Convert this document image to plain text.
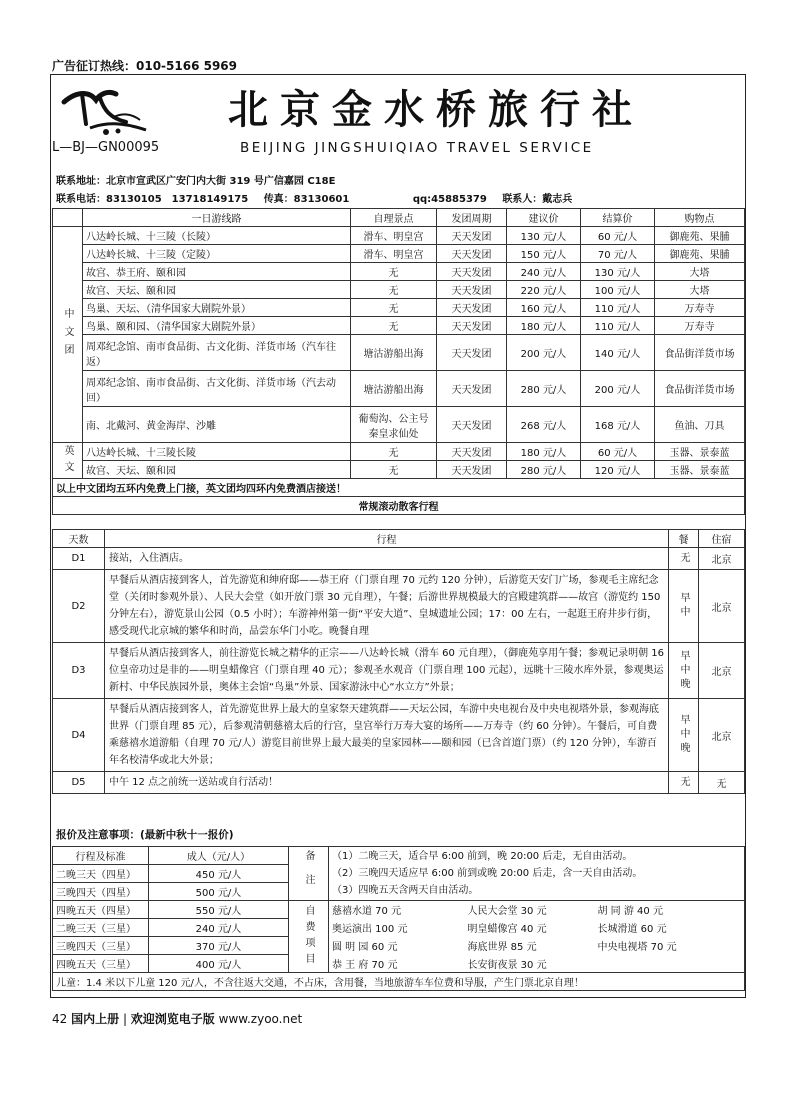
广告征订热线：010-5166 5969
北京金水桥旅行社
L—BJ—GN00095	BEIJING JINGSHUIQIAO TRAVEL SERVICE
联系地址：北京市宣武区广安门内大街 319 号广信嘉园 C18E
联系电话：83130105　13718149175 传真：83130601	qq:45885379 联系人：戴志兵
	一日游线路	自理景点	发团周期	建议价	结算价	购物点
中文团	八达岭长城、十三陵（长陵）	滑车、明皇宫	天天发团	130 元/人	60 元/人	御鹿苑、果脯
	八达岭长城、十三陵（定陵）	滑车、明皇宫	天天发团	150 元/人	70 元/人	御鹿苑、果脯
	故宫、恭王府、颐和园	无	天天发团	240 元/人	130 元/人	大塔
	故宫、天坛、颐和园	无	天天发团	220 元/人	100 元/人	大塔
	鸟巢、天坛、（清华国家大剧院外景）	无	天天发团	160 元/人	110 元/人	万寿寺
	鸟巢、颐和园、（清华国家大剧院外景）	无	天天发团	180 元/人	110 元/人	万寿寺
	周邓纪念馆、南市食品街、古文化街、洋货市场（汽车往返）	塘沽游船出海	天天发团	200 元/人	140 元/人	食品街洋货市场
	周邓纪念馆、南市食品街、古文化街、洋货市场（汽去动回）	塘沽游船出海	天天发团	280 元/人	200 元/人	食品街洋货市场
	南、北戴河、黄金海岸、沙雕	葡萄沟、公主号秦皇求仙处	天天发团	268 元/人	168 元/人	鱼油、刀具
英文	八达岭长城、十三陵长陵	无	天天发团	180 元/人	60 元/人	玉器、景泰蓝
	故宫、天坛、颐和园	无	天天发团	280 元/人	120 元/人	玉器、景泰蓝
以上中文团均五环内免费上门接，英文团均四环内免费酒店接送！						
常规滚动散客行程						
天数	行程	餐	住宿
D1	接站，入住酒店。	无	北京
D2	早餐后从酒店接到客人，首先游览和绅府邸——恭王府（门票自理 70 元约 120 分钟），后游览天安门广场，参观毛主席纪念堂（关闭时参观外景）、人民大会堂（如开放门票 30 元自理），午餐；后游世界规模最大的宫殿建筑群——故宫（游览约 150 分钟左右），游览景山公园（0.5 小时）；车游神州第一街“平安大道”、皇城遗址公园；17：00 左右，一起逛王府井步行街，感受现代北京城的繁华和时尚，品尝东华门小吃。晚餐自理	早中	北京
D3	早餐后从酒店接到客人，前往游览长城之精华的正宗——八达岭长城（滑车 60 元自理），（御鹿苑享用午餐；参观记录明朝 16 位皇帝功过是非的——明皇蜡像宫（门票自理 40 元）；参观圣水观音（门票自理 100 元起），远眺十三陵水库外景，参观奥运新村、中华民族园外景，奥体主会馆“鸟巢”外景、国家游泳中心“水立方”外景；	早中晚	北京
D4	早餐后从酒店接到客人，首先游览世界上最大的皇家祭天建筑群——天坛公园，车游中央电视台及中央电视塔外景，参观海底世界（门票自理 85 元），后参观清朝慈禧太后的行宫，皇宫举行万寿大宴的场所——万寿寺（约 60 分钟）。午餐后，可自费乘慈禧水道游船（自理 70 元/人）游览目前世界上最大最美的皇家园林——颐和园（已含首道门票）（约 120 分钟），车游百年名校清华或北大外景；	早中晚	北京
D5	中午 12 点之前统一送站或自行活动！	无	无
报价及注意事项：(最新中秋十一报价)
行程及标准	成人（元/人）	备注	（1）二晚三天，适合早 6:00 前到，晚 20:00 后走，无自由活动。
（2）三晚四天适应早 6:00 前到或晚 20:00 后走，含一天自由活动。
（3）四晚五天含两天自由活动。		

二晚三天（四星）	450 元/人				
三晚四天（四星）	500 元/人				
四晚五天（四星）	550 元/人	自费项目	慈禧水道 70 元	人民大会堂 30 元	胡 同 游 40 元
二晚三天（三星）	240 元/人		奥运演出 100 元	明皇蜡像宫 40 元	长城滑道 60 元
三晚四天（三星）	370 元/人		圆 明 园 60 元	海底世界 85 元	中央电视塔 70 元
四晚五天（三星）	400 元/人		恭 王 府 70 元	长安街夜景 30 元	
儿童：1.4 米以下儿童 120 元/人，不含往返大交通，不占床，含用餐，当地旅游车车位费和导服，产生门票北京自理！					
42 国内上册 | 欢迎浏览电子版 www.zyoo.net
